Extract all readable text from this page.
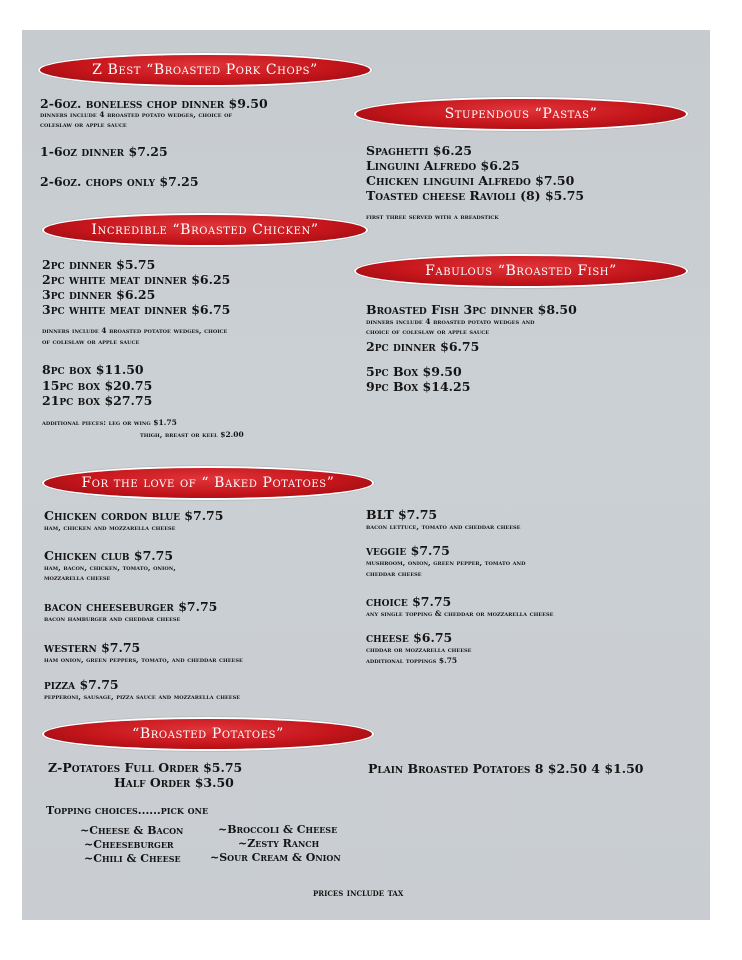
Z Best “Broasted Pork Chops”
2-6oz. boneless chop dinner $9.50
dinners include 4 broasted potato wedges, choice of
coleslaw or apple sauce
1-6oz dinner $7.25
2-6oz. chops only $7.25
Stupendous “Pastas”
Spaghetti $6.25
Linguini Alfredo $6.25
Chicken linguini Alfredo $7.50
Toasted cheese Ravioli (8) $5.75
first three served with a breadstick
Incredible “Broasted Chicken”
2pc dinner $5.75
2pc white meat dinner $6.25
3pc dinner $6.25
3pc white meat dinner $6.75
dinners include 4 broasted potatoe wedges, choice
of coleslaw or apple sauce
8pc box $11.50
15pc box $20.75
21pc box $27.75
additional pieces: leg or wing $1.75
thigh, breast or keel $2.00
Fabulous “Broasted Fish”
Broasted Fish 3pc dinner $8.50
dinners include 4 broasted potato wedges and
choice of coleslaw or apple sauce
2pc dinner $6.75
5pc Box $9.50
9pc Box $14.25
For the love of “ Baked Potatoes”
Chicken cordon blue $7.75
ham, chicken and mozzarella cheese
Chicken club $7.75
ham, bacon, chicken, tomato, onion,
mozzarella cheese
bacon cheeseburger $7.75
bacon hamburger and cheddar cheese
western $7.75
ham onion, green peppers, tomato, and cheddar cheese
pizza $7.75
pepperoni, sausage, pizza sauce and mozzarella cheese
BLT $7.75
bacon lettuce, tomato and cheddar cheese
veggie $7.75
mushroom, onion, green pepper, tomato and
cheddar cheese
choice $7.75
any single topping & cheddar or mozzarella cheese
cheese $6.75
chddar or mozzarella cheese
additional toppings $.75
“Broasted Potatoes”
Z-Potatoes Full Order $5.75
Half Order $3.50
Plain Broasted Potatoes 8 $2.50 4 $1.50
Topping choices......pick one
~Cheese & Bacon
~Cheeseburger
~Chili & Cheese
~Broccoli & Cheese
~Zesty Ranch
~Sour Cream & Onion
prices include tax
